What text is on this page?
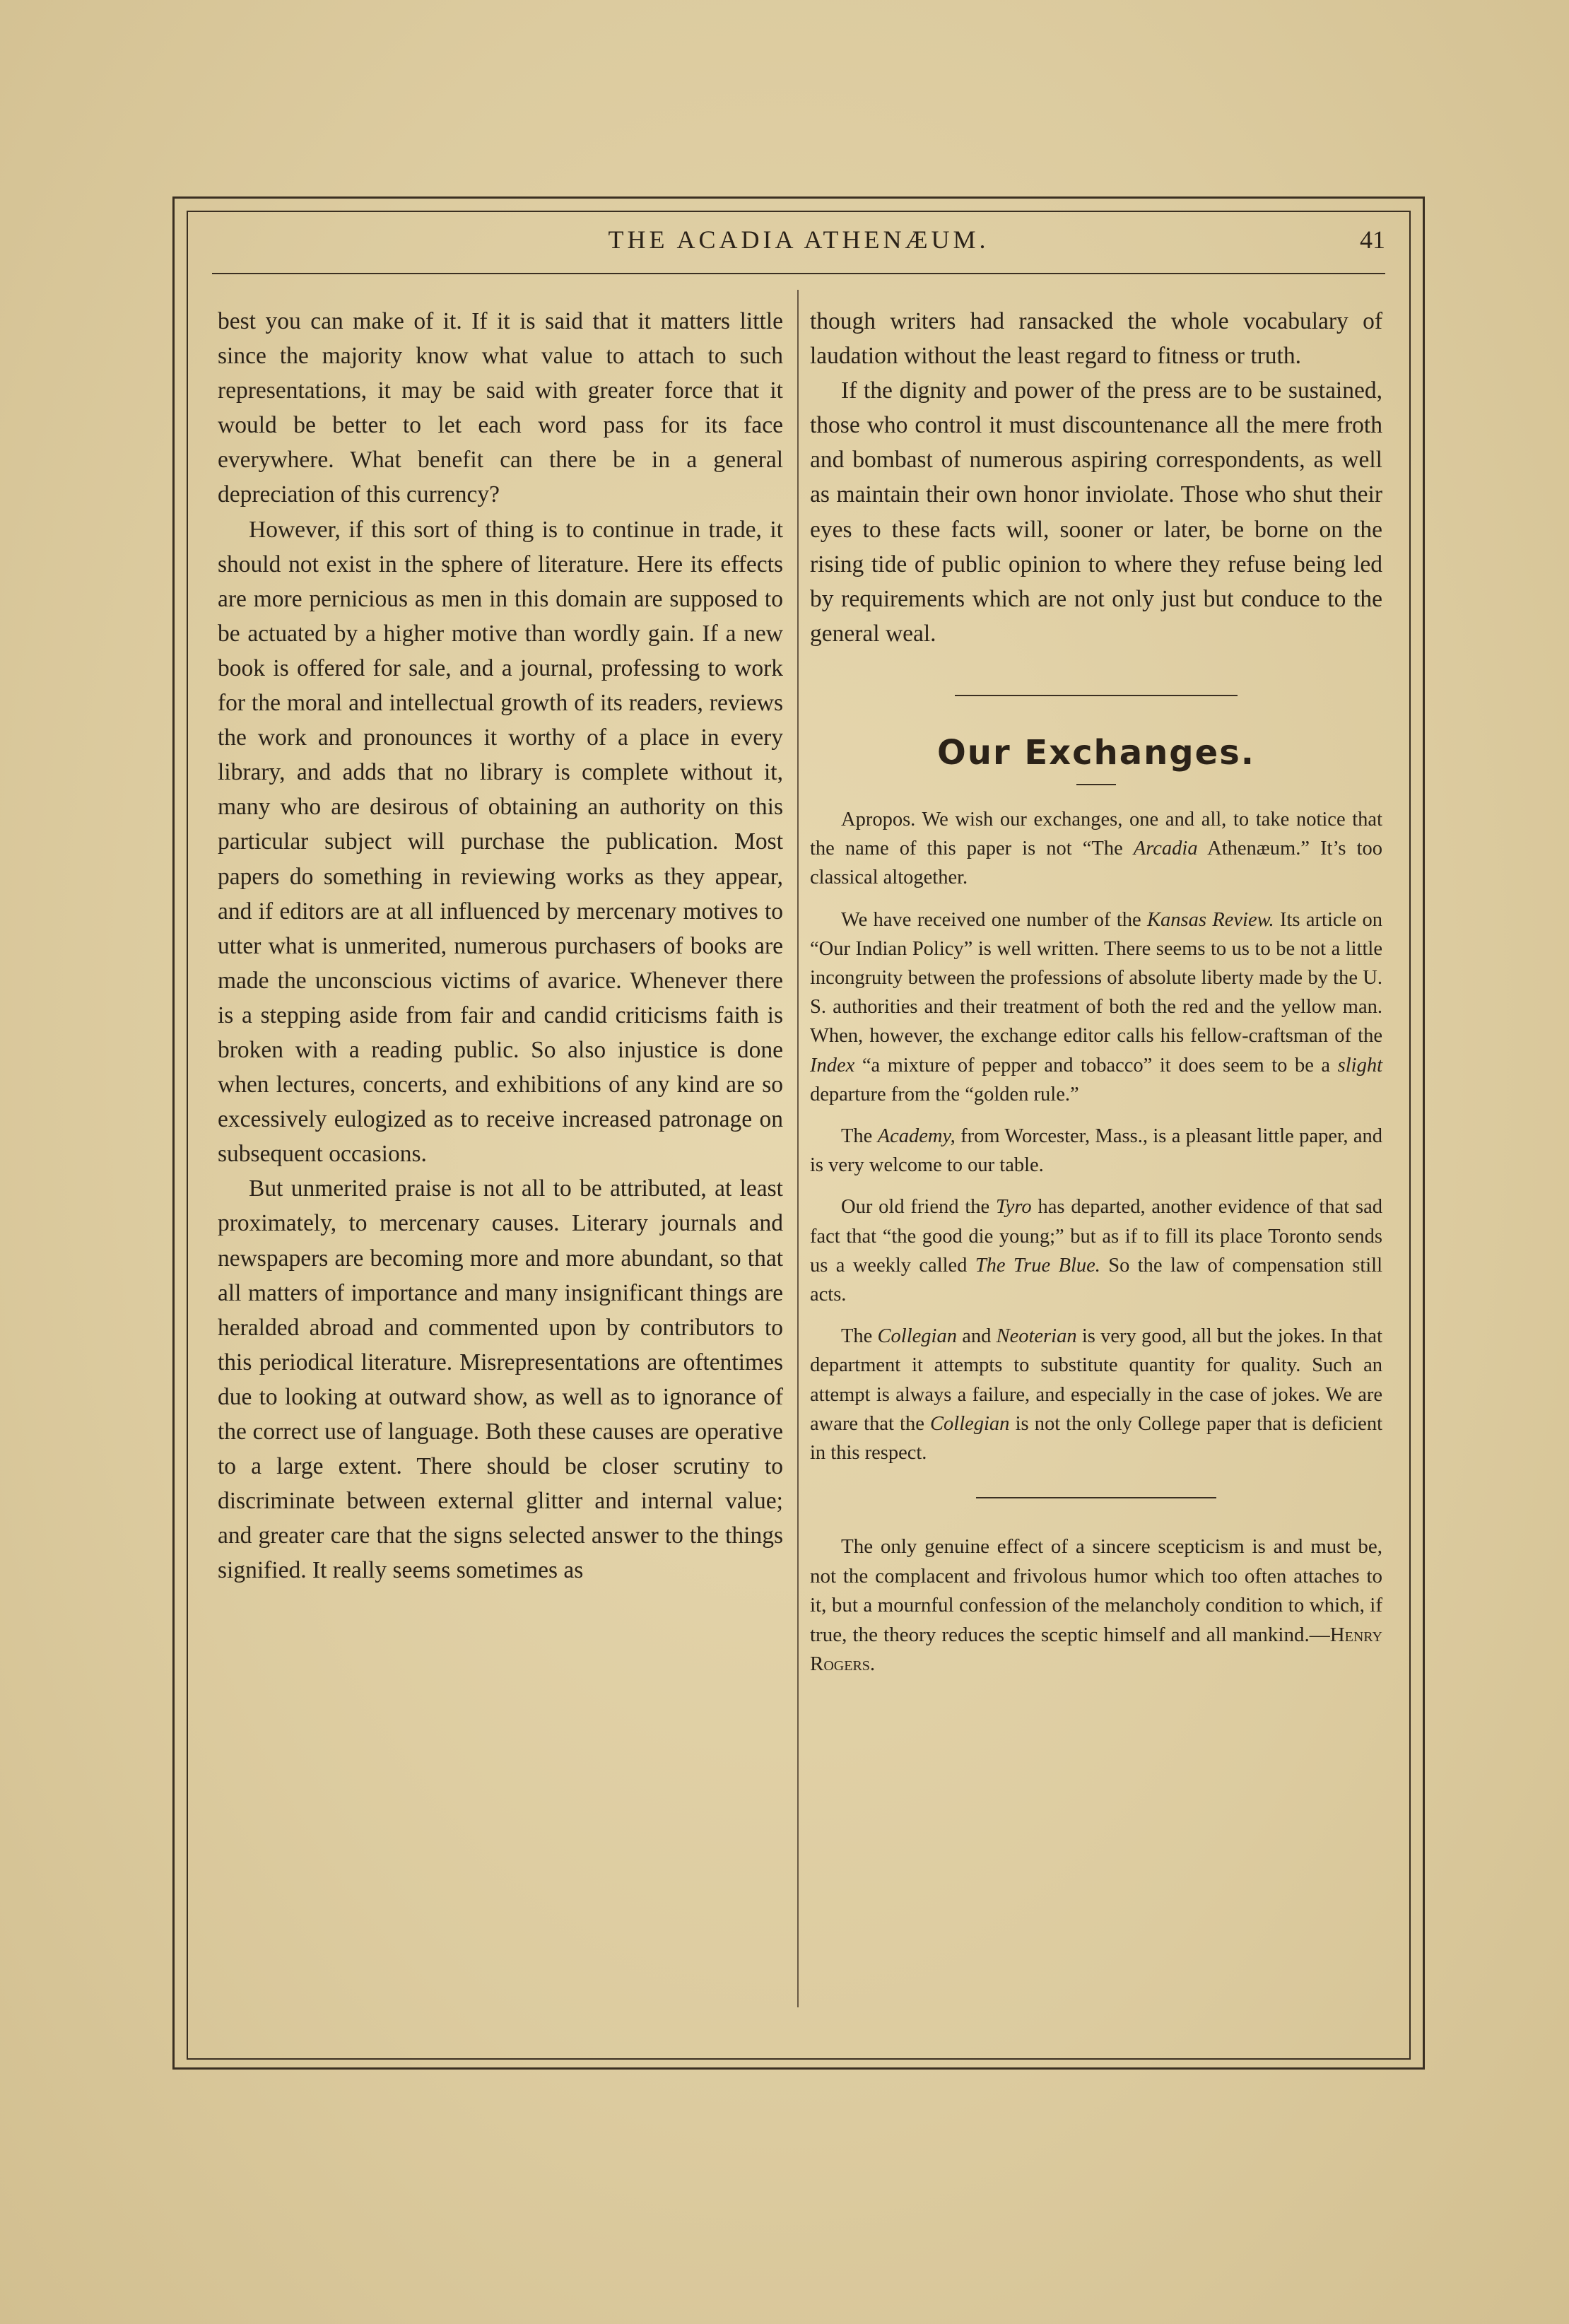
THE ACADIA ATHENÆUM.	41

best you can make of it. If it is said that it matters little since the majority know what value to attach to such representations, it may be said with greater force that it would be better to let each word pass for its face everywhere. What benefit can there be in a general depreciation of this currency?

However, if this sort of thing is to continue in trade, it should not exist in the sphere of literature. Here its effects are more pernicious as men in this domain are supposed to be actuated by a higher motive than wordly gain. If a new book is offered for sale, and a journal, professing to work for the moral and intellectual growth of its readers, reviews the work and pronounces it worthy of a place in every library, and adds that no library is complete without it, many who are desirous of obtaining an authority on this particular subject will purchase the publication. Most papers do something in reviewing works as they appear, and if editors are at all influenced by mercenary motives to utter what is unmerited, numerous purchasers of books are made the unconscious victims of avarice. Whenever there is a stepping aside from fair and candid criticisms faith is broken with a reading public. So also injustice is done when lectures, concerts, and exhibitions of any kind are so excessively eulogized as to receive increased patronage on subsequent occasions.

But unmerited praise is not all to be attributed, at least proximately, to mercenary causes. Literary journals and newspapers are becoming more and more abundant, so that all matters of importance and many insignificant things are heralded abroad and commented upon by contributors to this periodical literature. Misrepresentations are oftentimes due to looking at outward show, as well as to ignorance of the correct use of language. Both these causes are operative to a large extent. There should be closer scrutiny to discriminate between external glitter and internal value; and greater care that the signs selected answer to the things signified. It really seems sometimes as

though writers had ransacked the whole vocabulary of laudation without the least regard to fitness or truth.

If the dignity and power of the press are to be sustained, those who control it must discountenance all the mere froth and bombast of numerous aspiring correspondents, as well as maintain their own honor inviolate. Those who shut their eyes to these facts will, sooner or later, be borne on the rising tide of public opinion to where they refuse being led by requirements which are not only just but conduce to the general weal.

Our Exchanges.

Apropos. We wish our exchanges, one and all, to take notice that the name of this paper is not “The Arcadia Athenæum.” It’s too classical altogether.

We have received one number of the Kansas Review. Its article on “Our Indian Policy” is well written. There seems to us to be not a little incongruity between the professions of absolute liberty made by the U. S. authorities and their treatment of both the red and the yellow man. When, however, the exchange editor calls his fellow-craftsman of the Index “a mixture of pepper and tobacco” it does seem to be a slight departure from the “golden rule.”

The Academy, from Worcester, Mass., is a pleasant little paper, and is very welcome to our table.

Our old friend the Tyro has departed, another evidence of that sad fact that “the good die young;” but as if to fill its place Toronto sends us a weekly called The True Blue. So the law of compensation still acts.

The Collegian and Neoterian is very good, all but the jokes. In that department it attempts to substitute quantity for quality. Such an attempt is always a failure, and especially in the case of jokes. We are aware that the Collegian is not the only College paper that is deficient in this respect.

The only genuine effect of a sincere scepticism is and must be, not the complacent and frivolous humor which too often attaches to it, but a mournful confession of the melancholy condition to which, if true, the theory reduces the sceptic himself and all mankind.—Henry Rogers.
